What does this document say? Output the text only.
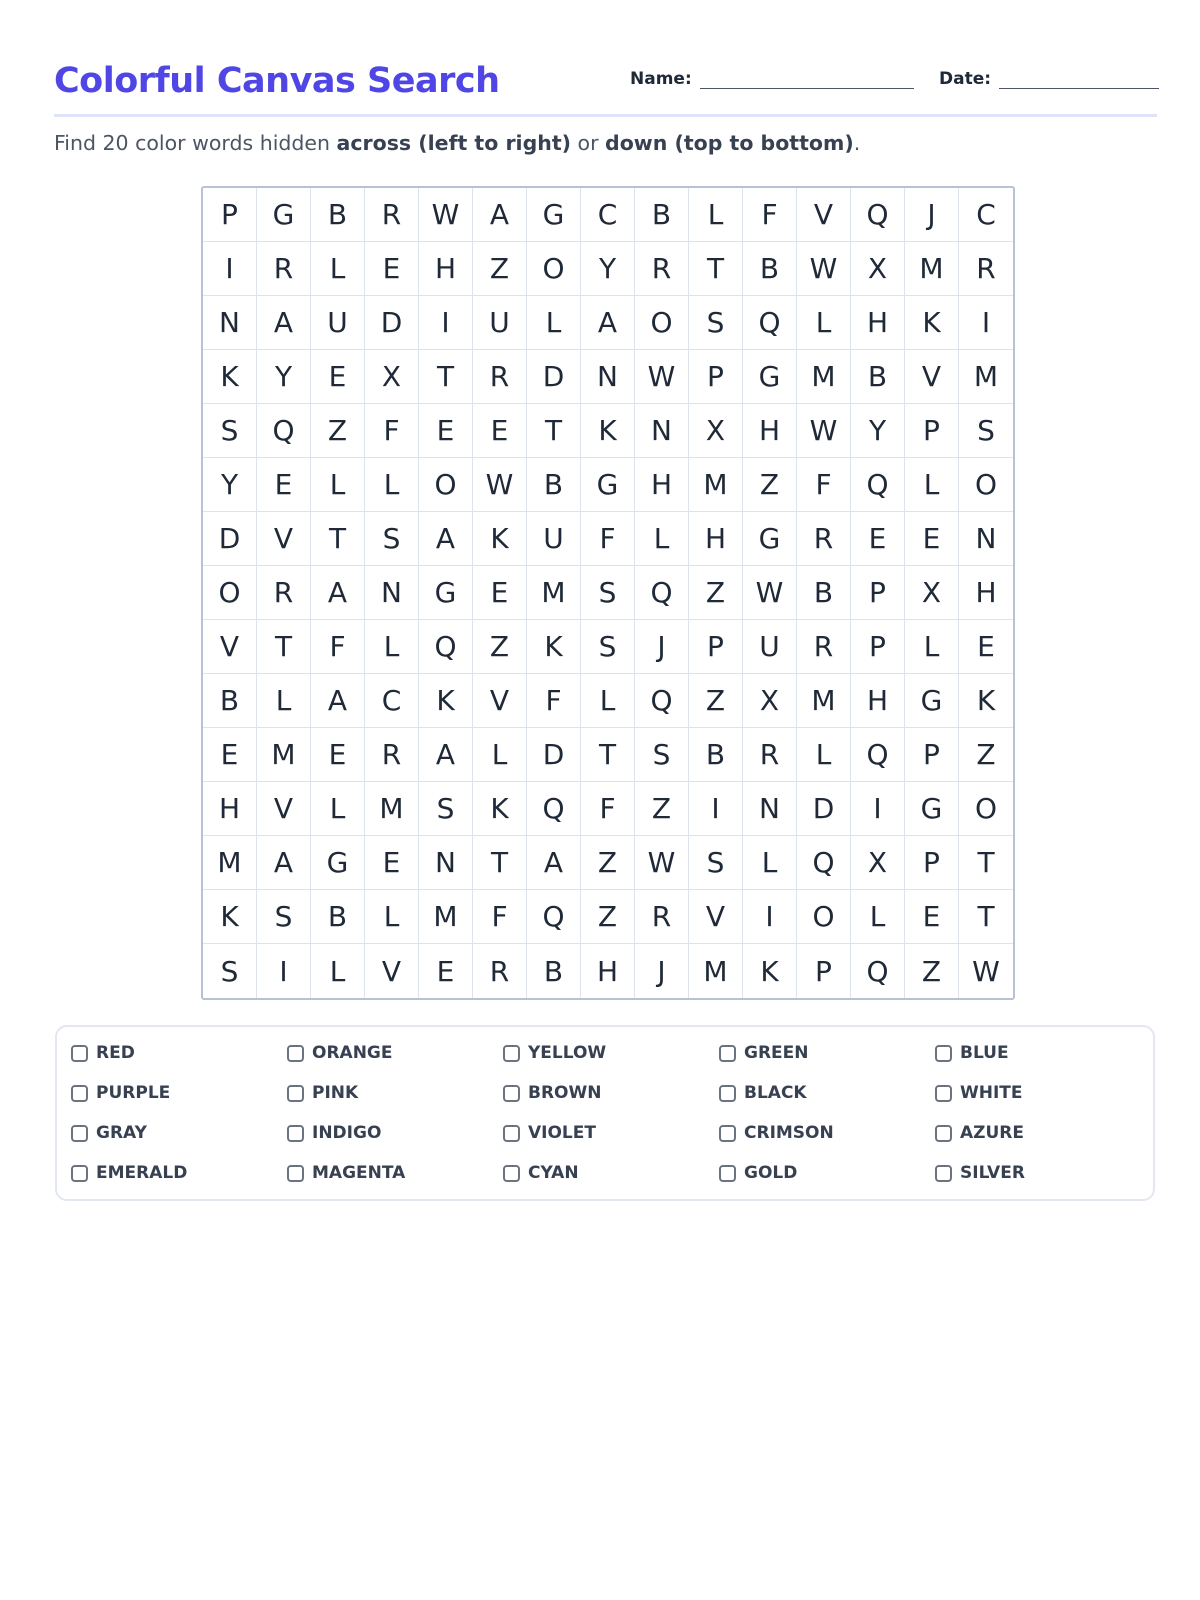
Colorful Canvas Search	Name:	Date:

Find 20 color words hidden across (left to right) or down (top to bottom).

P	G	B	R	W	A	G	C	B	L	F	V	Q	J	C
I	R	L	E	H	Z	O	Y	R	T	B	W	X	M	R
N	A	U	D	I	U	L	A	O	S	Q	L	H	K	I
K	Y	E	X	T	R	D	N	W	P	G	M	B	V	M
S	Q	Z	F	E	E	T	K	N	X	H	W	Y	P	S
Y	E	L	L	O	W	B	G	H	M	Z	F	Q	L	O
D	V	T	S	A	K	U	F	L	H	G	R	E	E	N
O	R	A	N	G	E	M	S	Q	Z	W	B	P	X	H
V	T	F	L	Q	Z	K	S	J	P	U	R	P	L	E
B	L	A	C	K	V	F	L	Q	Z	X	M	H	G	K
E	M	E	R	A	L	D	T	S	B	R	L	Q	P	Z
H	V	L	M	S	K	Q	F	Z	I	N	D	I	G	O
M	A	G	E	N	T	A	Z	W	S	L	Q	X	P	T
K	S	B	L	M	F	Q	Z	R	V	I	O	L	E	T
S	I	L	V	E	R	B	H	J	M	K	P	Q	Z	W
RED	ORANGE	YELLOW	GREEN	BLUE
PURPLE	PINK	BROWN	BLACK	WHITE
GRAY	INDIGO	VIOLET	CRIMSON	AZURE
EMERALD	MAGENTA	CYAN	GOLD	SILVER
